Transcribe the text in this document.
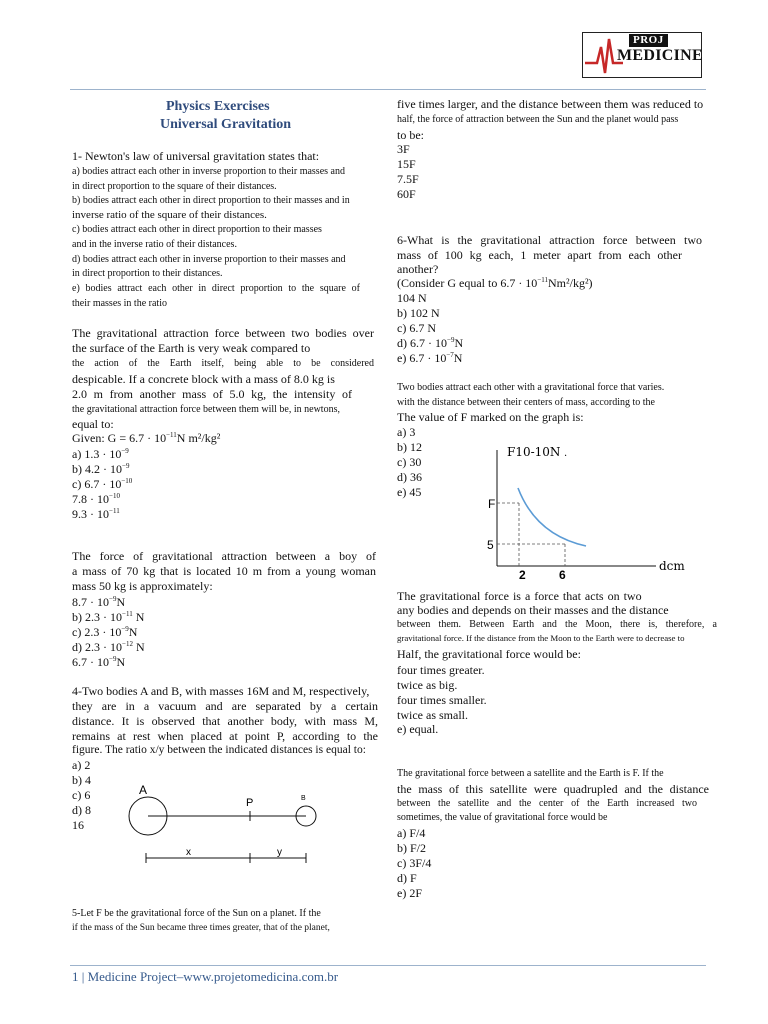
PROJ
MEDICINE
Physics Exercises
Universal Gravitation
1- Newton's law of universal gravitation states that:
a) bodies attract each other in inverse proportion to their masses and
in direct proportion to the square of their distances.
b) bodies attract each other in direct proportion to their masses and in
inverse ratio of the square of their distances.
c) bodies attract each other in direct proportion to their masses
and in the inverse ratio of their distances.
d) bodies attract each other in inverse proportion to their masses and
in direct proportion to their distances.
e) bodies attract each other in direct proportion to the square of
their masses in the ratio
The gravitational attraction force between two bodies over
the surface of the Earth is very weak compared to
the action of the Earth itself, being able to be considered
despicable. If a concrete block with a mass of 8.0 kg is
2.0 m from another mass of 5.0 kg, the intensity of
the gravitational attraction force between them will be, in newtons,
equal to:
Given: $G = 6.7 \cdot 10^{-11}N$ m²/kg²
a) $1.3 \cdot 10^{-9}$
b) $4.2 \cdot 10^{-9}$
c) $6.7 \cdot 10^{-10}$
$7.8 \cdot 10^{-10}$
$9.3 \cdot 10^{-11}$
The force of gravitational attraction between a boy of
a mass of 70 kg that is located 10 m from a young woman
mass 50 kg is approximately:
$8.7 \cdot 10^{-9}N$
b) $2.3 \cdot 10^{-11}$ N
c) $2.3 \cdot 10^{-9}N$
d) $2.3 \cdot 10^{-12}$ N
$6.7 \cdot 10^{-9}N$
4-Two bodies A and B, with masses 16M and M, respectively,
they are in a vacuum and are separated by a certain
distance. It is observed that another body, with mass M,
remains at rest when placed at point P, according to the
figure. The ratio x/y between the indicated distances is equal to:
a) 2
b) 4
c) 6
d) 8
16
A
P	B
x	y
5-Let F be the gravitational force of the Sun on a planet. If the
if the mass of the Sun became three times greater, that of the planet,
five times larger, and the distance between them was reduced to
half, the force of attraction between the Sun and the planet would pass
to be:
3F
15F
7.5F
60F
6-What is the gravitational attraction force between two
mass of 100 kg each, 1 meter apart from each other
another?
(Consider G equal to $6.7 \cdot 10^{-11}Nm^2/kg^2$)
104 N
b) 102 N
c) 6.7 N
d) $6.7 \cdot 10^{-9}N$
e) $6.7 \cdot 10^{-7}N$
Two bodies attract each other with a gravitational force that varies.
with the distance between their centers of mass, according to the
The value of F marked on the graph is:
a) 3
b) 12
c) 30
d) 36
e) 45
F10-10N .
F
5
2	6
dcm
The gravitational force is a force that acts on two
any bodies and depends on their masses and the distance
between them. Between Earth and the Moon, there is, therefore, a
gravitational force. If the distance from the Moon to the Earth were to decrease to
Half, the gravitational force would be:
four times greater.
twice as big.
four times smaller.
twice as small.
e) equal.
The gravitational force between a satellite and the Earth is F. If the
the mass of this satellite were quadrupled and the distance
between the satellite and the center of the Earth increased two
sometimes, the value of gravitational force would be
a) F/4
b) F/2
c) 3F/4
d) F
e) 2F
1 | Medicine Project–www.projetomedicina.com.br
